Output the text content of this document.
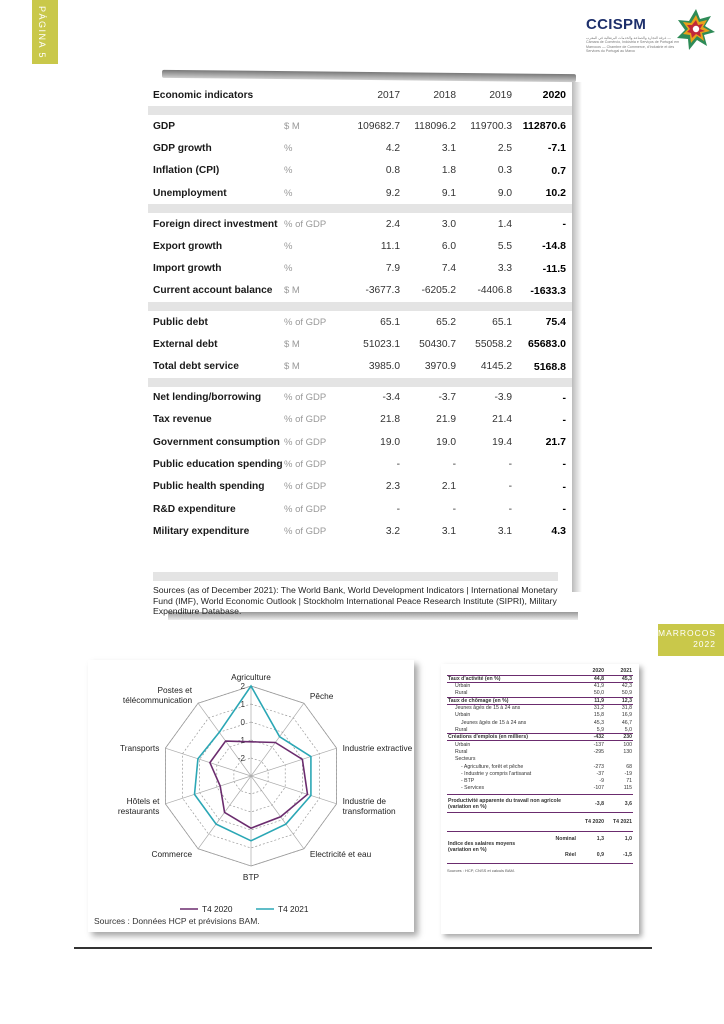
PÁGINA 5	CCISPM
غرفة التجارة والصناعة والخدمات البرتغالية في المغرب — Câmara de Comércio, Indústria e Serviços de Portugal em Marrocos — Chambre de Commerce, d'Industrie et des Services du Portugal au Maroc
Economic indicators	2017	2018	2019	2020
GDP	$ M	109682.7	118096.2	119700.3	112870.6
GDP growth	%	4.2	3.1	2.5	-7.1
Inflation (CPI)	%	0.8	1.8	0.3	0.7
Unemployment	%	9.2	9.1	9.0	10.2
Foreign direct investment % of GDP	2.4	3.0	1.4	-
Export growth	%	11.1	6.0	5.5	-14.8
Import growth	%	7.9	7.4	3.3	-11.5
Current account balance	$ M	-3677.3	-6205.2	-4406.8	-1633.3
Public debt	% of GDP	65.1	65.2	65.1	75.4
External debt	$ M	51023.1	50430.7	55058.2	65683.0
Total debt service	$ M	3985.0	3970.9	4145.2	5168.8
Net lending/borrowing	% of GDP	-3.4	-3.7	-3.9	-
Tax revenue	% of GDP	21.8	21.9	21.4	-
Government consumption % of GDP	19.0	19.0	19.4	21.7
Public education spending % of GDP	-	-	-	-
Public health spending	% of GDP	2.3	2.1	-	-
R&D expenditure	% of GDP	-	-	-	-
Military expenditure	% of GDP	3.2	3.1	3.1	4.3
Sources (as of December 2021): The World Bank, World Development Indicators | International Monetary Fund (IMF), World Economic Outlook | Stockholm International Peace Research Institute (SIPRI), Military Expenditure Database.
MARROCOS
2022
2
1
0
-1
-2
Agriculture
Pêche
Industrie extractive
Industrie de transformation
Electricité et eau
BTP
Commerce
Hôtels et restaurants
Transports
Postes et télécommunication
T4 2020	T4 2021
Sources : Données HCP et prévisions BAM.
	2020	2021
Taux d'activité (en %)	44,8	45,3
Urbain	41,9	42,3
Rural	50,0	50,9
Taux de chômage (en %)	11,9	12,3
Jeunes âgés de 15 à 24 ans	31,2	31,8
Urbain	15,8	16,9
Jeunes âgés de 15 à 24 ans	45,3	46,7
Rural	5,9	5,0
Créations d'emplois (en milliers)	-432	230
Urbain	-137	100
Rural	-295	130
Secteurs		
- Agriculture, forêt et pêche	-273	68
- Industrie y compris l'artisanat	-37	-19
- BTP	-9	71
- Services	-107	115
Productivité apparente du travail non agricole (variation en %)	-3,8	3,6
	T4 2020	T4 2021
Indice des salaires moyens (variation en %)	Nominal	1,3	1,0
	Réel	0,9	-1,5
Sources : HCP, CNSS et calculs BAM.
